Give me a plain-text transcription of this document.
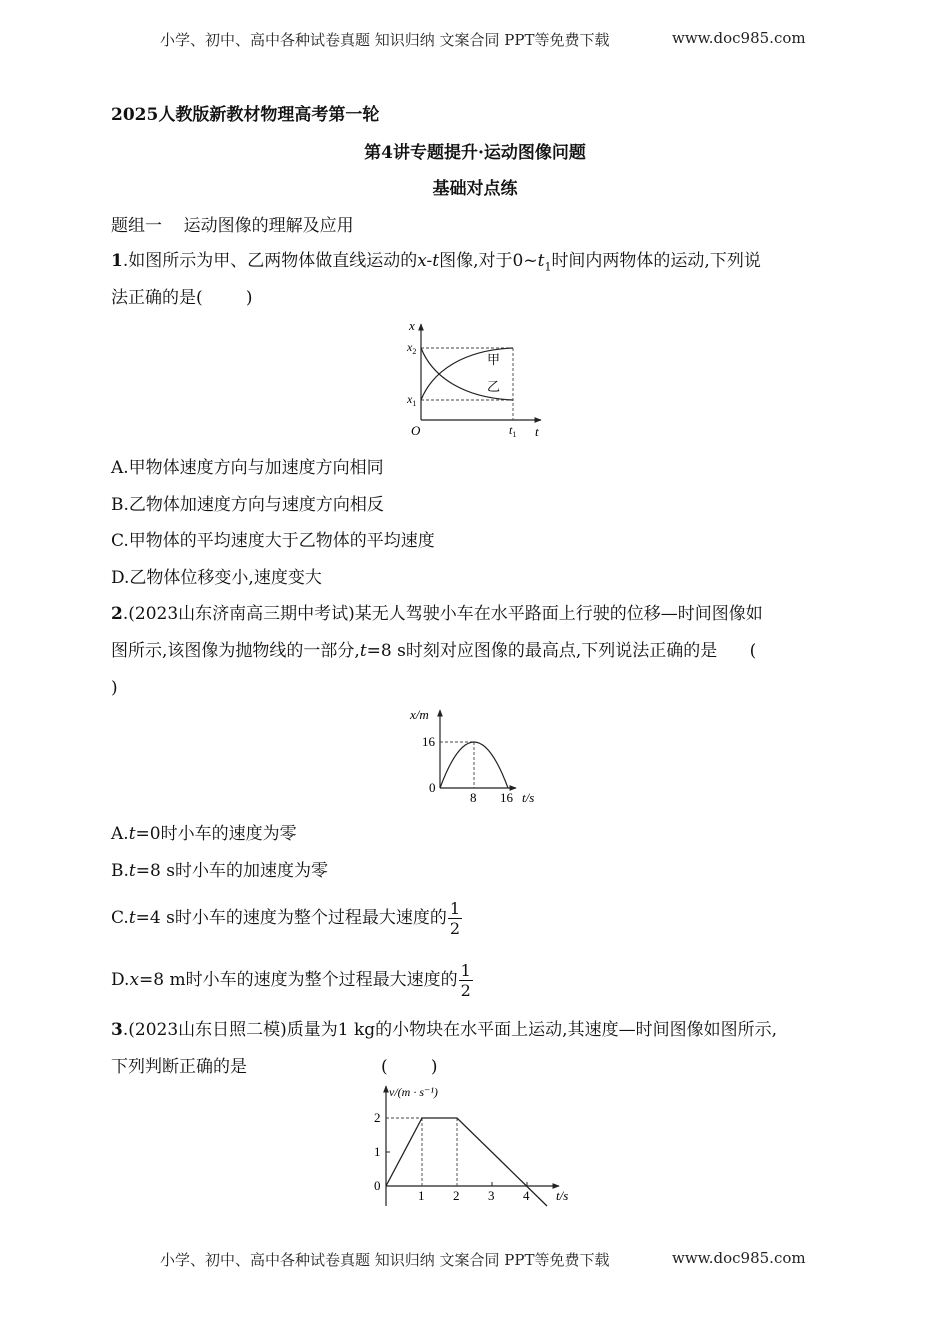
小学、初中、高中各种试卷真题 知识归纳 文案合同 PPT等免费下载	www.doc985.com
2025人教版新教材物理高考第一轮
第4讲专题提升·运动图像问题
基础对点练
题组一    运动图像的理解及应用
1.如图所示为甲、乙两物体做直线运动的x-t图像,对于$0\sim t_1$时间内两物体的运动,下列说
法正确的是(        )
x
$x_2$
$x_1$
O	$t_1$ t
甲
乙
A.甲物体速度方向与加速度方向相同
B.乙物体加速度方向与速度方向相反
C.甲物体的平均速度大于乙物体的平均速度
D.乙物体位移变小,速度变大
2.(2023山东济南高三期中考试)某无人驾驶小车在水平路面上行驶的位移—时间图像如
图所示,该图像为抛物线的一部分,t=8 s时刻对应图像的最高点,下列说法正确的是      (
)
x/m
16
0
8 16 t/s
A.t=0时小车的速度为零
B.t=8 s时小车的加速度为零
C.t=4 s时小车的速度为整个过程最大速度的 $\frac{1}{2}$
D.x=8 m时小车的速度为整个过程最大速度的 $\frac{1}{2}$
3.(2023山东日照二模)质量为1 kg的小物块在水平面上运动,其速度—时间图像如图所示,
下列判断正确的是	(        )
v/(m · s⁻¹)
0
1
2
1 2 3 4 t/s
小学、初中、高中各种试卷真题 知识归纳 文案合同 PPT等免费下载	www.doc985.com
